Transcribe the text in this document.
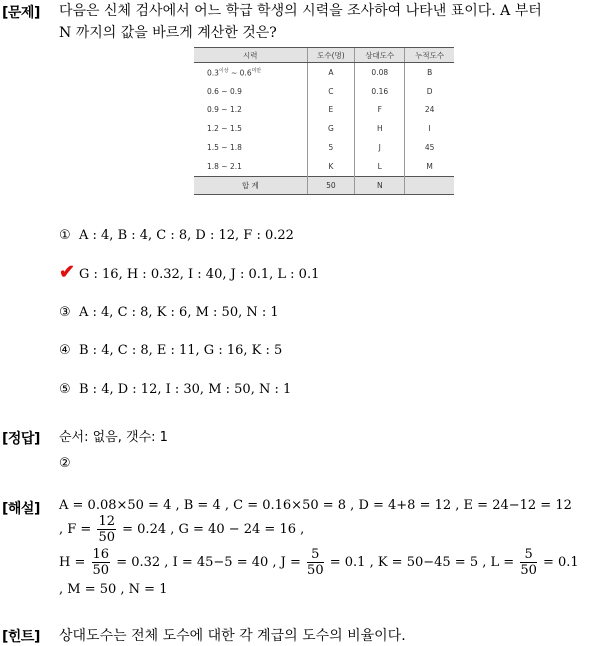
[문제] 다음은 신체 검사에서 어느 학급 학생의 시력을 조사하여 나타낸 표이다. A 부터
N 까지의 값을 바르게 계산한 것은?
시력	도수(명)	상대도수	누적도수
$0.3^{이상}$ ~ $0.6^{미만}$	A	0.08	B
0.6 ~ 0.9	C	0.16	D
0.9 ~ 1.2	E	F	24
1.2 ~ 1.5	G	H	I
1.5 ~ 1.8	5	J	45
1.8 ~ 2.1	K	L	M
합 계	50	N	
① A : 4, B : 4, C : 8, D : 12, F : 0.22
✔ G : 16, H : 0.32, I : 40, J : 0.1, L : 0.1
③ A : 4, C : 8, K : 6, M : 50, N : 1
④ B : 4, C : 8, E : 11, G : 16, K : 5
⑤ B : 4, D : 12, I : 30, M : 50, N : 1
[정답] 순서: 없음, 갯수: 1
②
[해설] A = 0.08×50 = 4 , B = 4 , C = 0.16×50 = 8 , D = 4+8 = 12 , E = 24−12 = 12
, $F = \frac{12}{50} = 0.24$ , G = 40 − 24 = 16 ,
$H = \frac{16}{50} = 0.32$ , I = 45−5 = 40 , $J = \frac{5}{50} = 0.1$ , K = 50−45 = 5 , $L = \frac{5}{50} = 0.1$
, M = 50 , N = 1
[힌트] 상대도수는 전체 도수에 대한 각 계급의 도수의 비율이다.
